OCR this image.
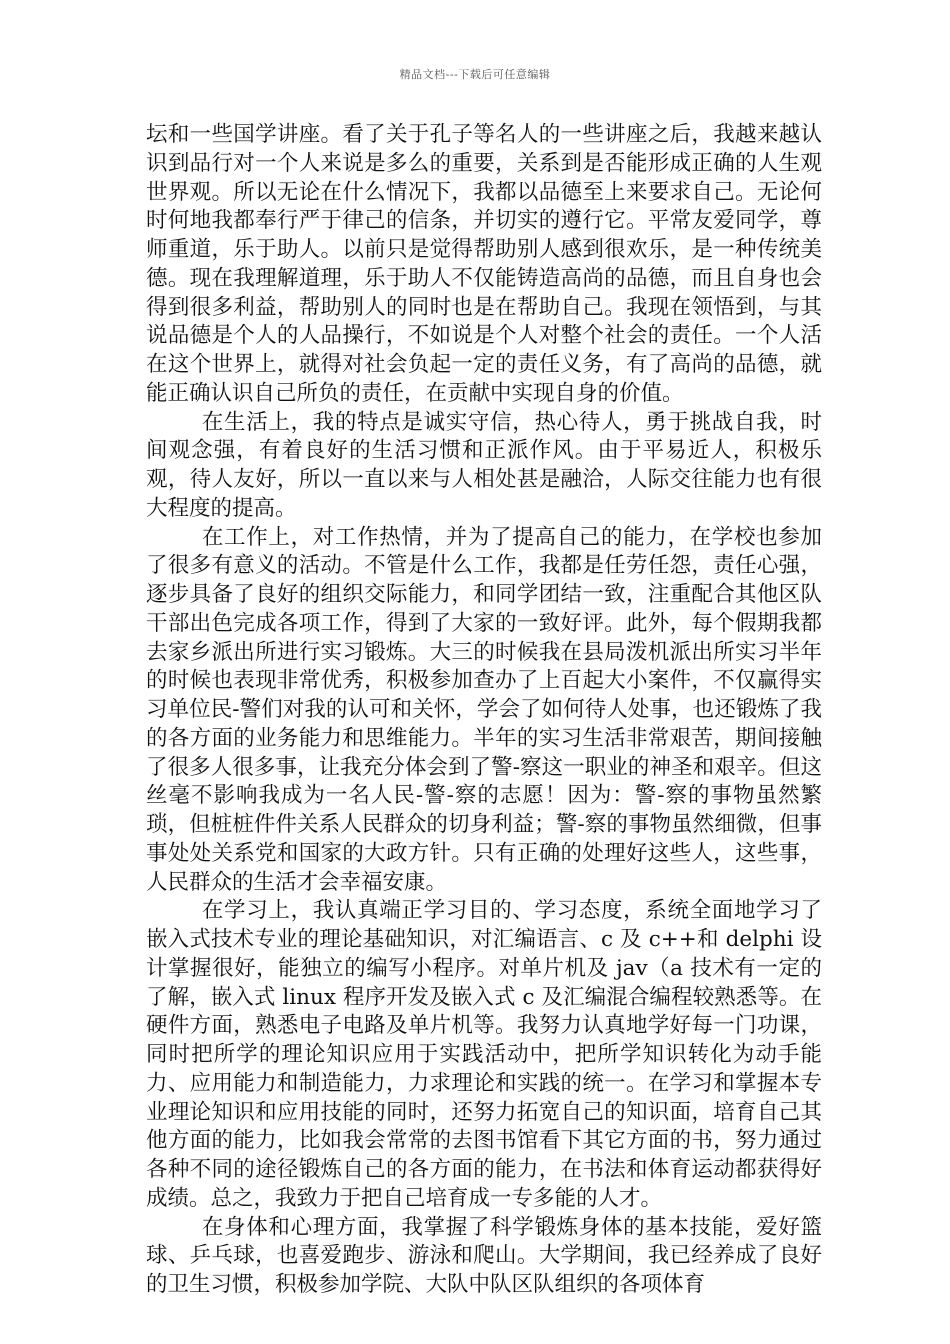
精品文档---下载后可任意编辑

坛和一些国学讲座。看了关于孔子等名人的一些讲座之后，我越来越认识到品行对一个人来说是多么的重要，关系到是否能形成正确的人生观世界观。所以无论在什么情况下，我都以品德至上来要求自己。无论何时何地我都奉行严于律己的信条，并切实的遵行它。平常友爱同学，尊师重道，乐于助人。以前只是觉得帮助别人感到很欢乐，是一种传统美德。现在我理解道理，乐于助人不仅能铸造高尚的品德，而且自身也会得到很多利益，帮助别人的同时也是在帮助自己。我现在领悟到，与其说品德是个人的人品操行，不如说是个人对整个社会的责任。一个人活在这个世界上，就得对社会负起一定的责任义务，有了高尚的品德，就能正确认识自己所负的责任，在贡献中实现自身的价值。

在生活上，我的特点是诚实守信，热心待人，勇于挑战自我，时间观念强，有着良好的生活习惯和正派作风。由于平易近人，积极乐观，待人友好，所以一直以来与人相处甚是融洽，人际交往能力也有很大程度的提高。

在工作上，对工作热情，并为了提高自己的能力，在学校也参加了很多有意义的活动。不管是什么工作，我都是任劳任怨，责任心强，逐步具备了良好的组织交际能力，和同学团结一致，注重配合其他区队干部出色完成各项工作，得到了大家的一致好评。此外，每个假期我都去家乡派出所进行实习锻炼。大三的时候我在县局泼机派出所实习半年的时候也表现非常优秀，积极参加查办了上百起大小案件，不仅赢得实习单位民-警们对我的认可和关怀，学会了如何待人处事，也还锻炼了我的各方面的业务能力和思维能力。半年的实习生活非常艰苦，期间接触了很多人很多事，让我充分体会到了警-察这一职业的神圣和艰辛。但这丝毫不影响我成为一名人民-警-察的志愿！因为：警-察的事物虽然繁琐，但桩桩件件关系人民群众的切身利益；警-察的事物虽然细微，但事事处处关系党和国家的大政方针。只有正确的处理好这些人，这些事，人民群众的生活才会幸福安康。

在学习上，我认真端正学习目的、学习态度，系统全面地学习了嵌入式技术专业的理论基础知识，对汇编语言、c 及 c++和 delphi 设计掌握很好，能独立的编写小程序。对单片机及 jav（a 技术有一定的了解，嵌入式 linux 程序开发及嵌入式 c 及汇编混合编程较熟悉等。在硬件方面，熟悉电子电路及单片机等。我努力认真地学好每一门功课，同时把所学的理论知识应用于实践活动中，把所学知识转化为动手能力、应用能力和制造能力，力求理论和实践的统一。在学习和掌握本专业理论知识和应用技能的同时，还努力拓宽自己的知识面，培育自己其他方面的能力，比如我会常常的去图书馆看下其它方面的书，努力通过各种不同的途径锻炼自己的各方面的能力，在书法和体育运动都获得好成绩。总之，我致力于把自己培育成一专多能的人才。

在身体和心理方面，我掌握了科学锻炼身体的基本技能，爱好篮球、乒乓球，也喜爱跑步、游泳和爬山。大学期间，我已经养成了良好的卫生习惯，积极参加学院、大队中队区队组织的各项体育
